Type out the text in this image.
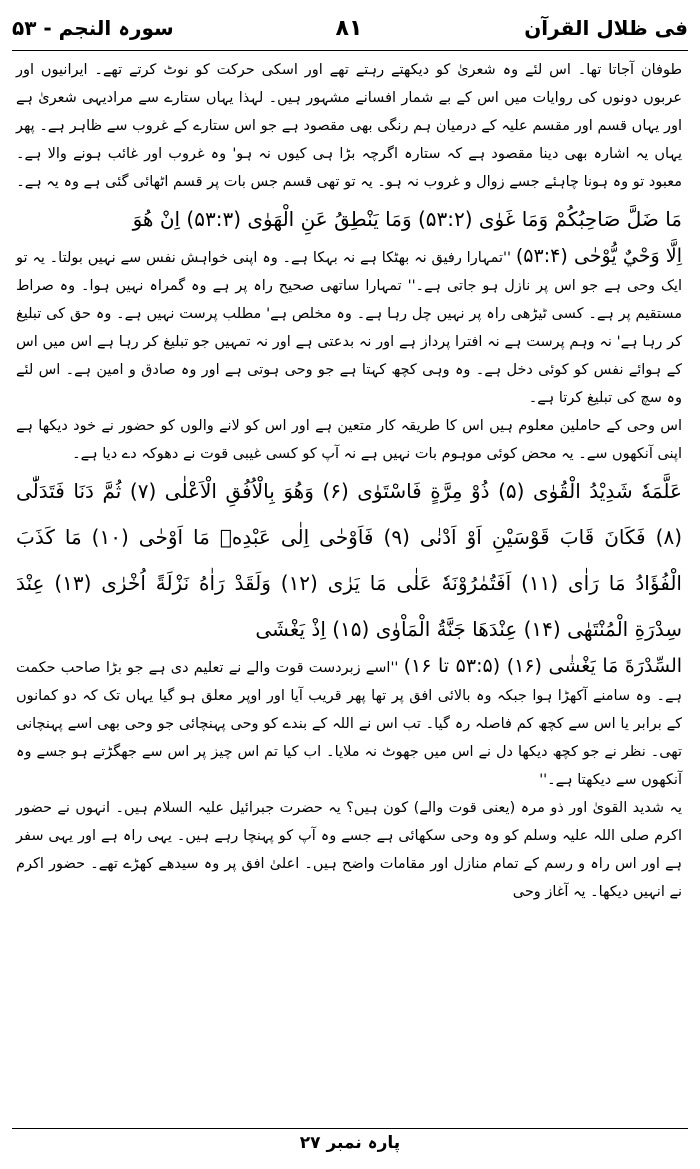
فی ظلال القرآن
۸۱
سورہ النجم - ۵۳

طوفان آجاتا تھا۔ اس لئے وہ شعریٰ کو دیکھتے رہتے تھے اور اسکی حرکت کو نوٹ کرتے تھے۔ ایرانیوں اور عربوں دونوں کی روایات میں اس کے بے شمار افسانے مشہور ہیں۔ لہذا یہاں ستارے سے مرادیہی شعریٰ ہے اور یہاں قسم اور مقسم علیہ کے درمیان ہم رنگی بھی مقصود ہے جو اس ستارے کے غروب سے ظاہر ہے۔ پھر یہاں یہ اشارہ بھی دینا مقصود ہے کہ ستارہ اگرچہ بڑا ہی کیوں نہ ہو' وہ غروب اور غائب ہونے والا ہے۔ معبود تو وہ ہونا چاہئے جسے زوال و غروب نہ ہو۔ یہ تو تھی قسم جس بات پر قسم اٹھائی گئی ہے وہ یہ ہے۔

مَا ضَلَّ صَاحِبُكُمْ وَمَا غَوٰى (۵۳:۲) وَمَا يَنْطِقُ عَنِ الْهَوٰى (۵۳:۳) اِنْ هُوَ

اِلَّا وَحْيٌ يُّوْحٰى (۵۳:۴) ''تمہارا رفیق نہ بھٹکا ہے نہ بہکا ہے۔ وہ اپنی خواہش نفس سے نہیں بولتا۔ یہ تو ایک وحی ہے جو اس پر نازل ہو جاتی ہے۔'' تمہارا ساتھی صحیح راہ پر ہے وہ گمراہ نہیں ہوا۔ وہ صراط مستقیم پر ہے۔ کسی ٹیڑھی راہ پر نہیں چل رہا ہے۔ وہ مخلص ہے' مطلب پرست نہیں ہے۔ وہ حق کی تبلیغ کر رہا ہے' نہ وہم پرست ہے نہ افترا پرداز ہے اور نہ بدعتی ہے اور نہ تمہیں جو تبلیغ کر رہا ہے اس میں اس کے ہوائے نفس کو کوئی دخل ہے۔ وہ وہی کچھ کہتا ہے جو وحی ہوتی ہے اور وہ صادق و امین ہے۔ اس لئے وہ سچ کی تبلیغ کرتا ہے۔

اس وحی کے حاملین معلوم ہیں اس کا طریقہ کار متعین ہے اور اس کو لانے والوں کو حضور نے خود دیکھا ہے اپنی آنکھوں سے۔ یہ محض کوئی موہوم بات نہیں ہے نہ آپ کو کسی غیبی قوت نے دھوکہ دے دیا ہے۔

عَلَّمَهٗ شَدِيْدُ الْقُوٰى (۵) ذُوْ مِرَّةٍ فَاسْتَوٰى (۶) وَهُوَ بِالْاُفُقِ الْاَعْلٰى (۷) ثُمَّ دَنَا فَتَدَلّٰى (۸) فَكَانَ قَابَ قَوْسَيْنِ اَوْ اَدْنٰى (۹) فَاَوْحٰى اِلٰى عَبْدِهٖ مَا اَوْحٰى (۱۰) مَا كَذَبَ الْفُؤَادُ مَا رَاٰى (۱۱) اَفَتُمٰرُوْنَهٗ عَلٰى مَا يَرٰى (۱۲) وَلَقَدْ رَاٰهُ نَزْلَةً اُخْرٰى (۱۳) عِنْدَ سِدْرَةِ الْمُنْتَهٰى (۱۴) عِنْدَهَا جَنَّةُ الْمَاْوٰى (۱۵) اِذْ يَغْشَى

السِّدْرَةَ مَا يَغْشٰى (۱۶) (۵۳:۵ تا ۱۶) ''اسے زبردست قوت والے نے تعلیم دی ہے جو بڑا صاحب حکمت ہے۔ وہ سامنے آکھڑا ہوا جبکہ وہ بالائی افق پر تھا پھر قریب آیا اور اوپر معلق ہو گیا یہاں تک کہ دو کمانوں کے برابر یا اس سے کچھ کم فاصلہ رہ گیا۔ تب اس نے اللہ کے بندے کو وحی پہنچائی جو وحی بھی اسے پہنچانی تھی۔ نظر نے جو کچھ دیکھا دل نے اس میں جھوٹ نہ ملایا۔ اب کیا تم اس چیز پر اس سے جھگڑتے ہو جسے وہ آنکھوں سے دیکھتا ہے۔''

یہ شدید القویٰ اور ذو مرہ (یعنی قوت والے) کون ہیں؟ یہ حضرت جبرائیل علیہ السلام ہیں۔ انہوں نے حضور اکرم صلی اللہ علیہ وسلم کو وہ وحی سکھائی ہے جسے وہ آپ کو پہنچا رہے ہیں۔ یہی راہ ہے اور یہی سفر ہے اور اس راہ و رسم کے تمام منازل اور مقامات واضح ہیں۔ اعلیٰ افق پر وہ سیدھے کھڑے تھے۔ حضور اکرم نے انہیں دیکھا۔ یہ آغاز وحی

پارہ نمبر ۲۷
